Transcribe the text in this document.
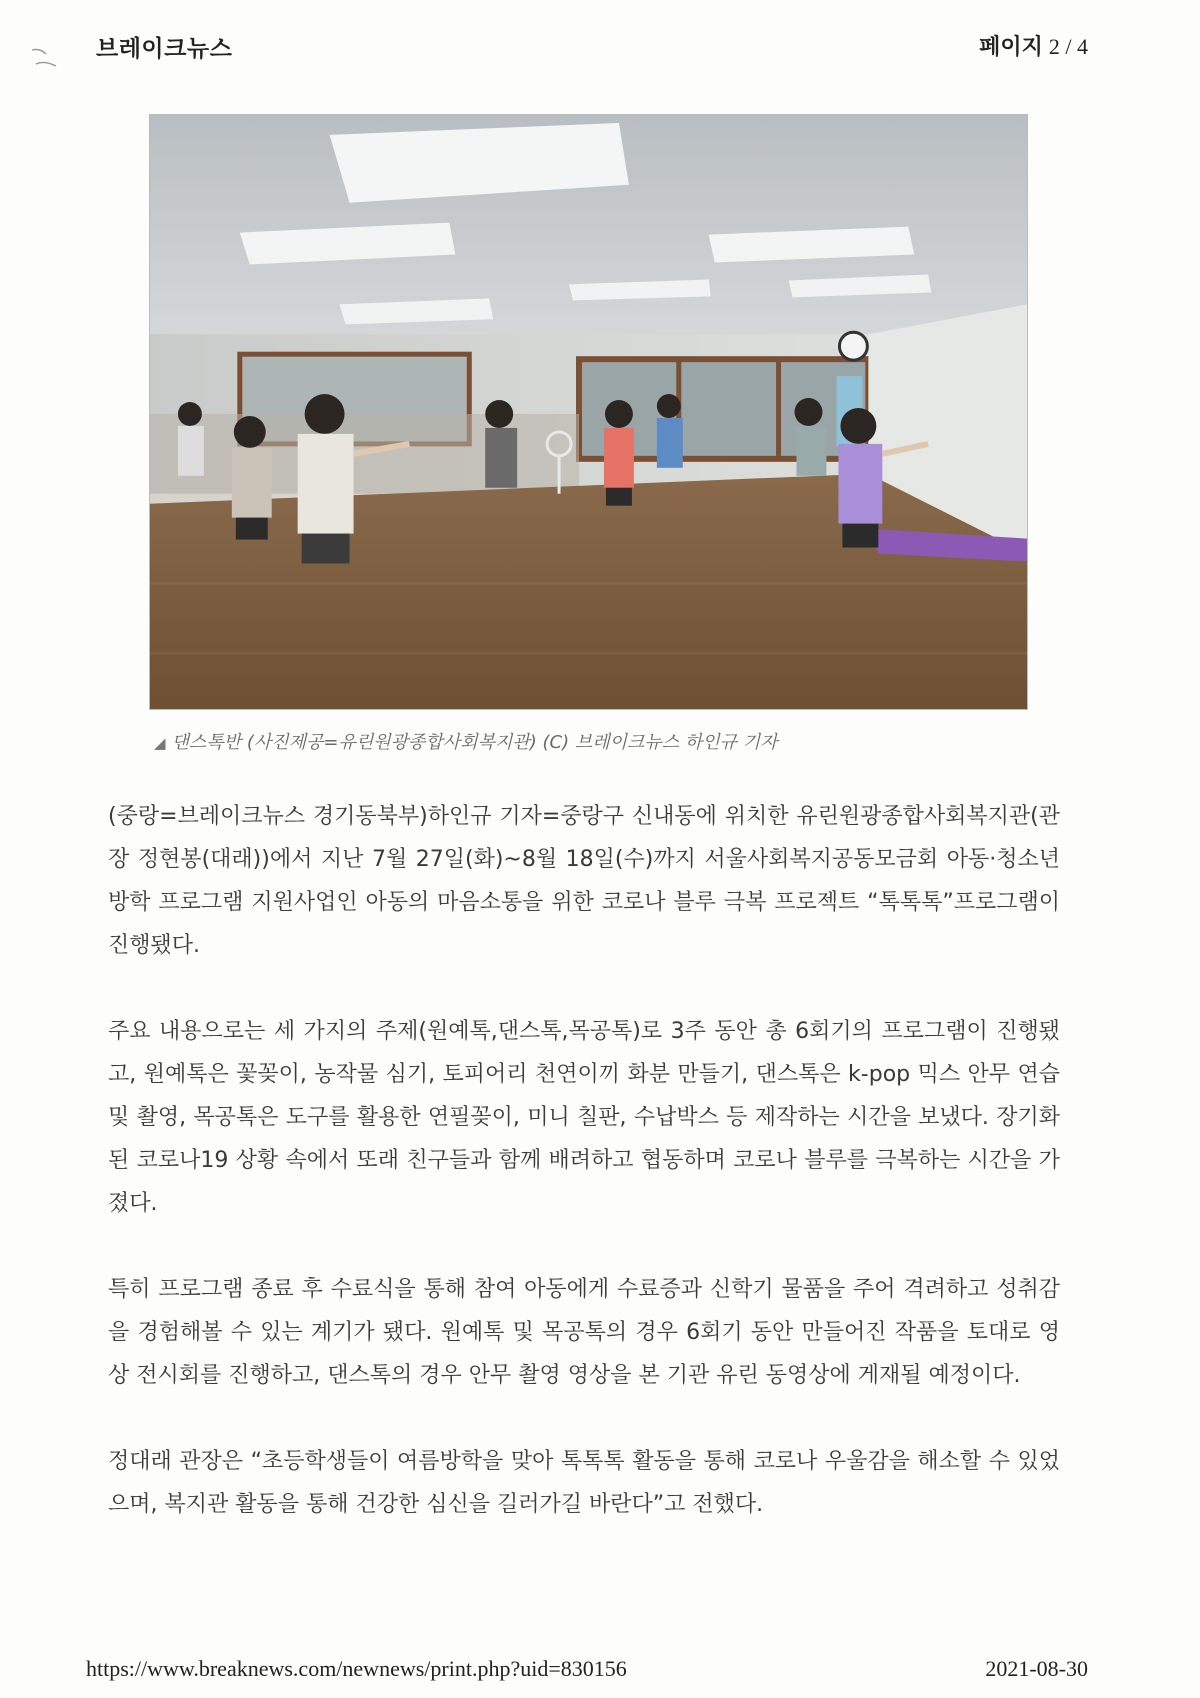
브레이크뉴스	페이지 2 / 4
◢ 댄스톡반 (사진제공=유린원광종합사회복지관) (C) 브레이크뉴스 하인규 기자

(중랑=브레이크뉴스 경기동북부)하인규 기자=중랑구 신내동에 위치한 유린원광종합사회복지관(관장 정현봉(대래))에서 지난 7월 27일(화)~8월 18일(수)까지 서울사회복지공동모금회 아동·청소년 방학 프로그램 지원사업인 아동의 마음소통을 위한 코로나 블루 극복 프로젝트 “톡톡톡”프로그램이 진행됐다.

주요 내용으로는 세 가지의 주제(원예톡,댄스톡,목공톡)로 3주 동안 총 6회기의 프로그램이 진행됐고, 원예톡은 꽃꽂이, 농작물 심기, 토피어리 천연이끼 화분 만들기, 댄스톡은 k-pop 믹스 안무 연습 및 촬영, 목공톡은 도구를 활용한 연필꽂이, 미니 칠판, 수납박스 등 제작하는 시간을 보냈다. 장기화된 코로나19 상황 속에서 또래 친구들과 함께 배려하고 협동하며 코로나 블루를 극복하는 시간을 가졌다.

특히 프로그램 종료 후 수료식을 통해 참여 아동에게 수료증과 신학기 물품을 주어 격려하고 성취감을 경험해볼 수 있는 계기가 됐다. 원예톡 및 목공톡의 경우 6회기 동안 만들어진 작품을 토대로 영상 전시회를 진행하고, 댄스톡의 경우 안무 촬영 영상을 본 기관 유린 동영상에 게재될 예정이다.

정대래 관장은 “초등학생들이 여름방학을 맞아 톡톡톡 활동을 통해 코로나 우울감을 해소할 수 있었으며, 복지관 활동을 통해 건강한 심신을 길러가길 바란다”고 전했다.

https://www.breaknews.com/newnews/print.php?uid=830156	2021-08-30
